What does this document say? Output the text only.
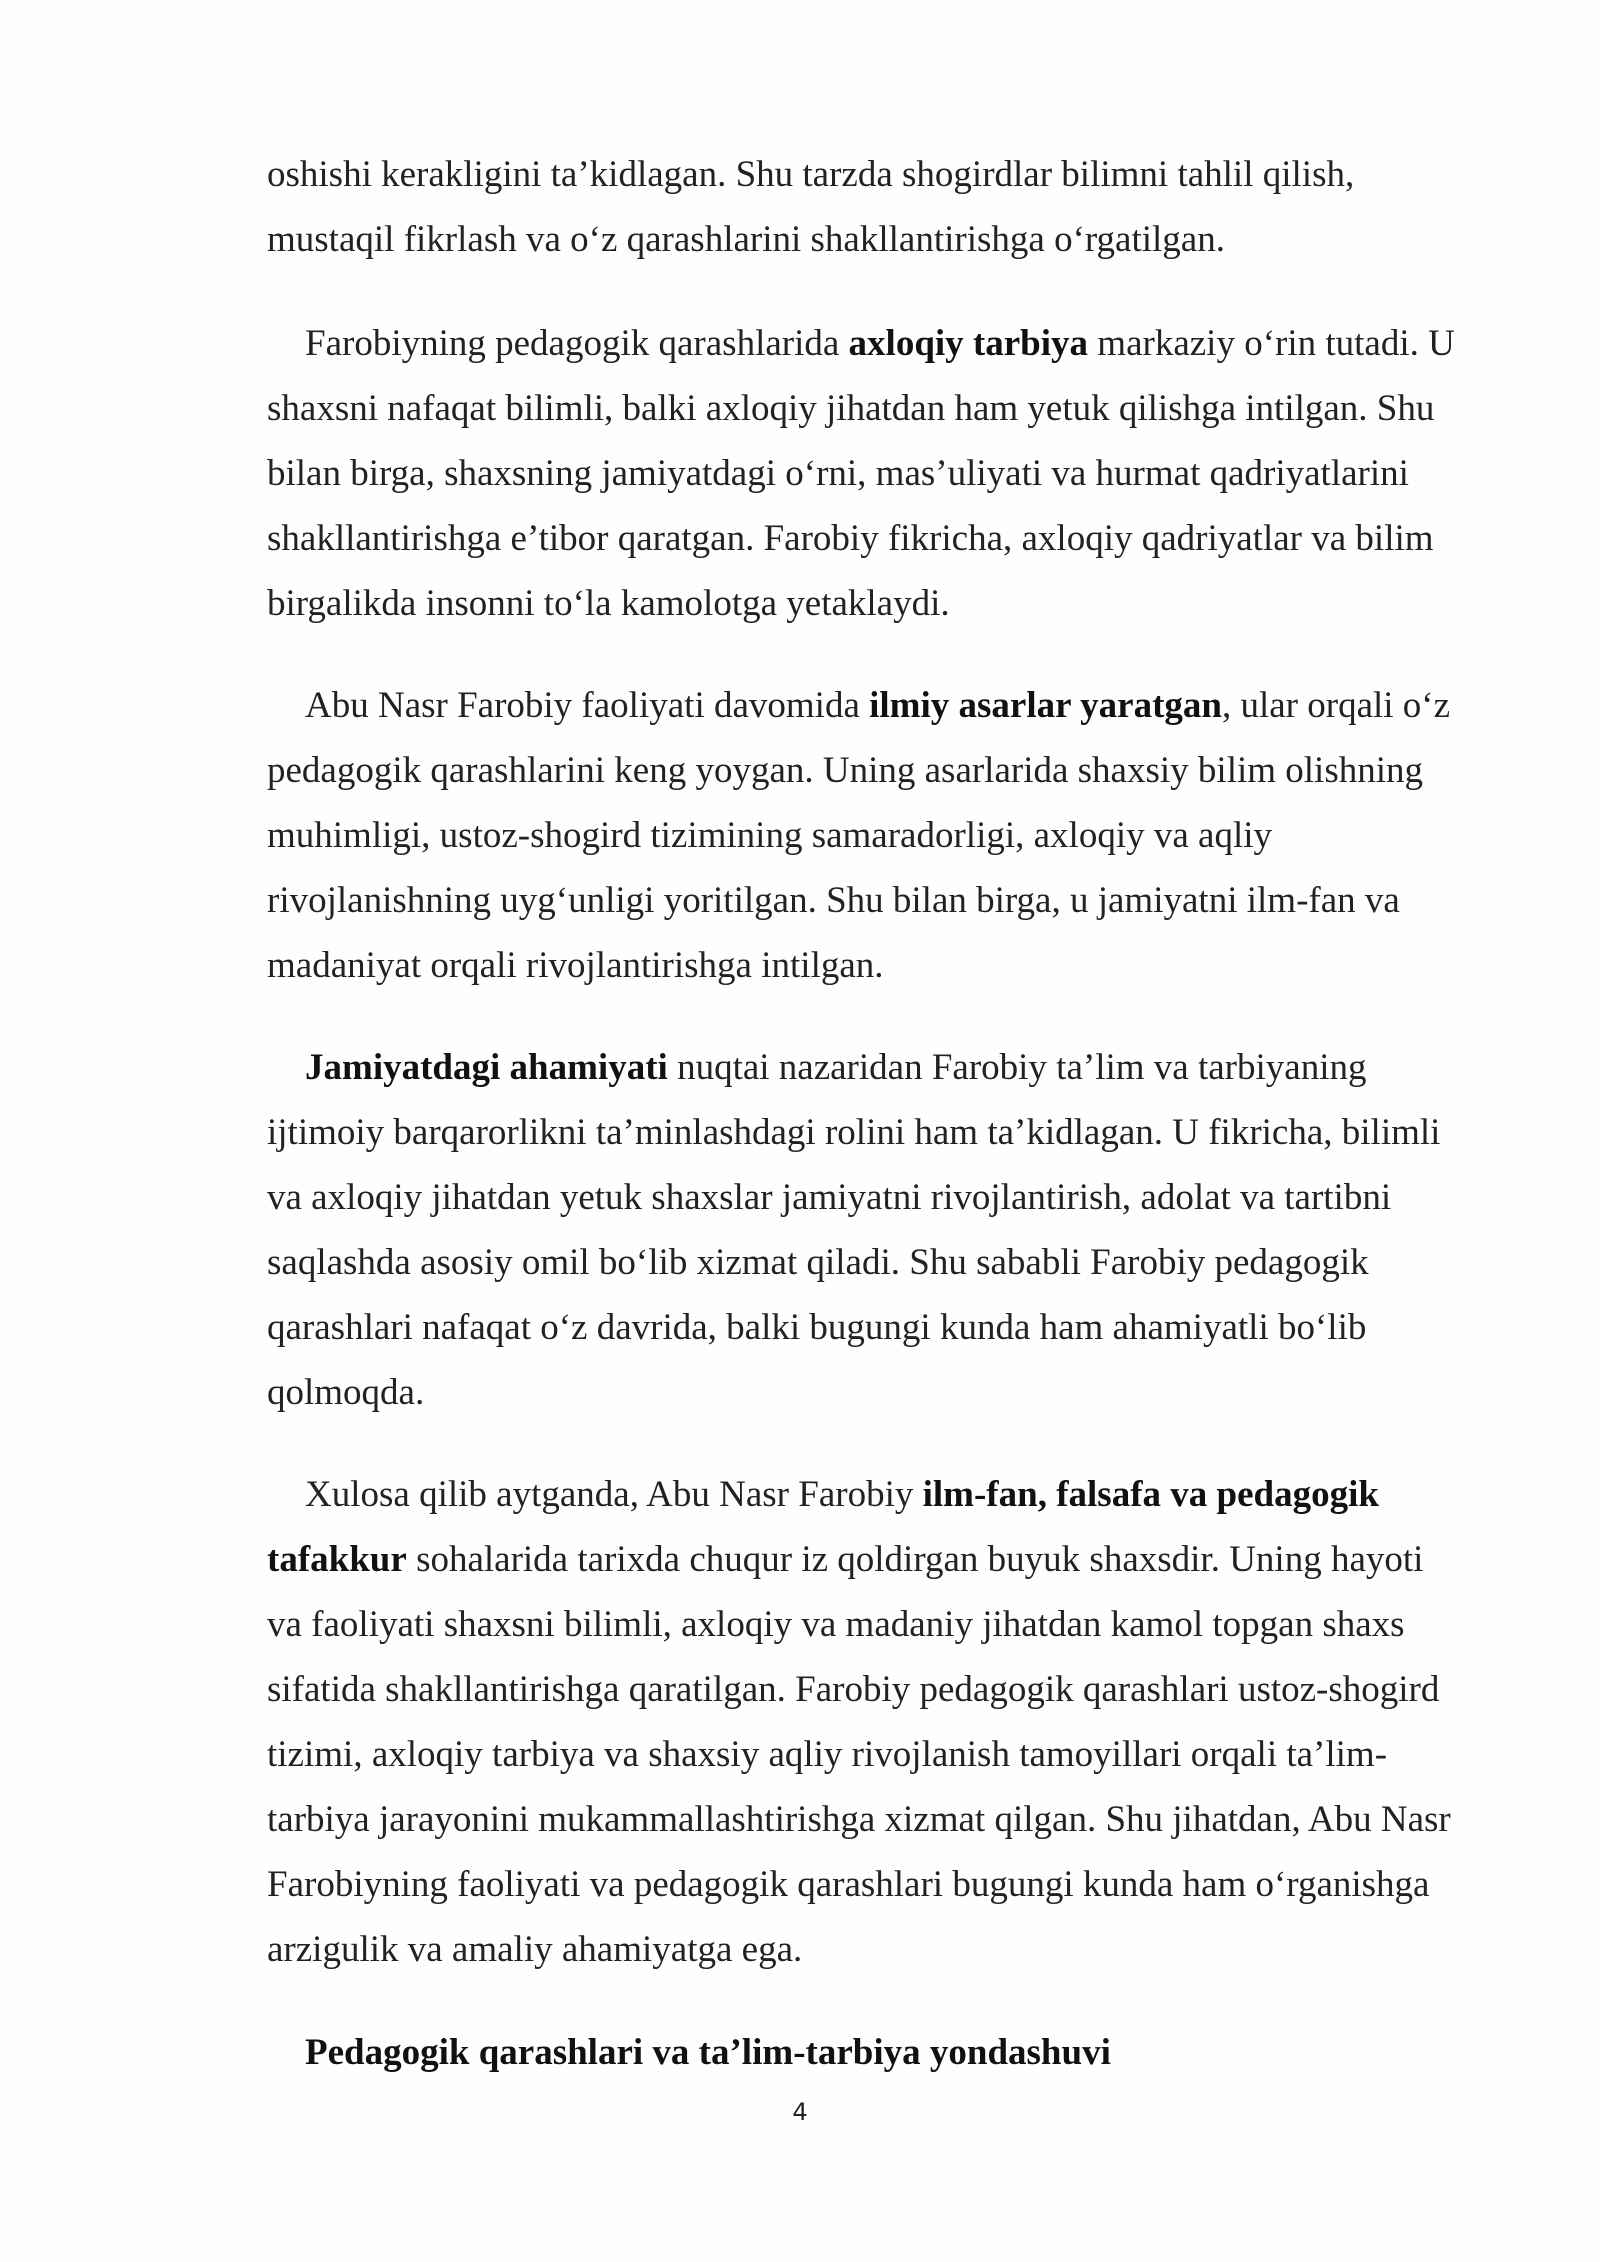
oshishi kerakligini ta’kidlagan. Shu tarzda shogirdlar bilimni tahlil qilish,
mustaqil fikrlash va o‘z qarashlarini shakllantirishga o‘rgatilgan.
Farobiyning pedagogik qarashlarida axloqiy tarbiya markaziy o‘rin tutadi. U
shaxsni nafaqat bilimli, balki axloqiy jihatdan ham yetuk qilishga intilgan. Shu
bilan birga, shaxsning jamiyatdagi o‘rni, mas’uliyati va hurmat qadriyatlarini
shakllantirishga e’tibor qaratgan. Farobiy fikricha, axloqiy qadriyatlar va bilim
birgalikda insonni to‘la kamolotga yetaklaydi.
Abu Nasr Farobiy faoliyati davomida ilmiy asarlar yaratgan, ular orqali o‘z
pedagogik qarashlarini keng yoygan. Uning asarlarida shaxsiy bilim olishning
muhimligi, ustoz-shogird tizimining samaradorligi, axloqiy va aqliy
rivojlanishning uyg‘unligi yoritilgan. Shu bilan birga, u jamiyatni ilm-fan va
madaniyat orqali rivojlantirishga intilgan.
Jamiyatdagi ahamiyati nuqtai nazaridan Farobiy ta’lim va tarbiyaning
ijtimoiy barqarorlikni ta’minlashdagi rolini ham ta’kidlagan. U fikricha, bilimli
va axloqiy jihatdan yetuk shaxslar jamiyatni rivojlantirish, adolat va tartibni
saqlashda asosiy omil bo‘lib xizmat qiladi. Shu sababli Farobiy pedagogik
qarashlari nafaqat o‘z davrida, balki bugungi kunda ham ahamiyatli bo‘lib
qolmoqda.
Xulosa qilib aytganda, Abu Nasr Farobiy ilm-fan, falsafa va pedagogik
tafakkur sohalarida tarixda chuqur iz qoldirgan buyuk shaxsdir. Uning hayoti
va faoliyati shaxsni bilimli, axloqiy va madaniy jihatdan kamol topgan shaxs
sifatida shakllantirishga qaratilgan. Farobiy pedagogik qarashlari ustoz-shogird
tizimi, axloqiy tarbiya va shaxsiy aqliy rivojlanish tamoyillari orqali ta’lim-
tarbiya jarayonini mukammallashtirishga xizmat qilgan. Shu jihatdan, Abu Nasr
Farobiyning faoliyati va pedagogik qarashlari bugungi kunda ham o‘rganishga
arzigulik va amaliy ahamiyatga ega.
Pedagogik qarashlari va ta’lim-tarbiya yondashuvi
4
